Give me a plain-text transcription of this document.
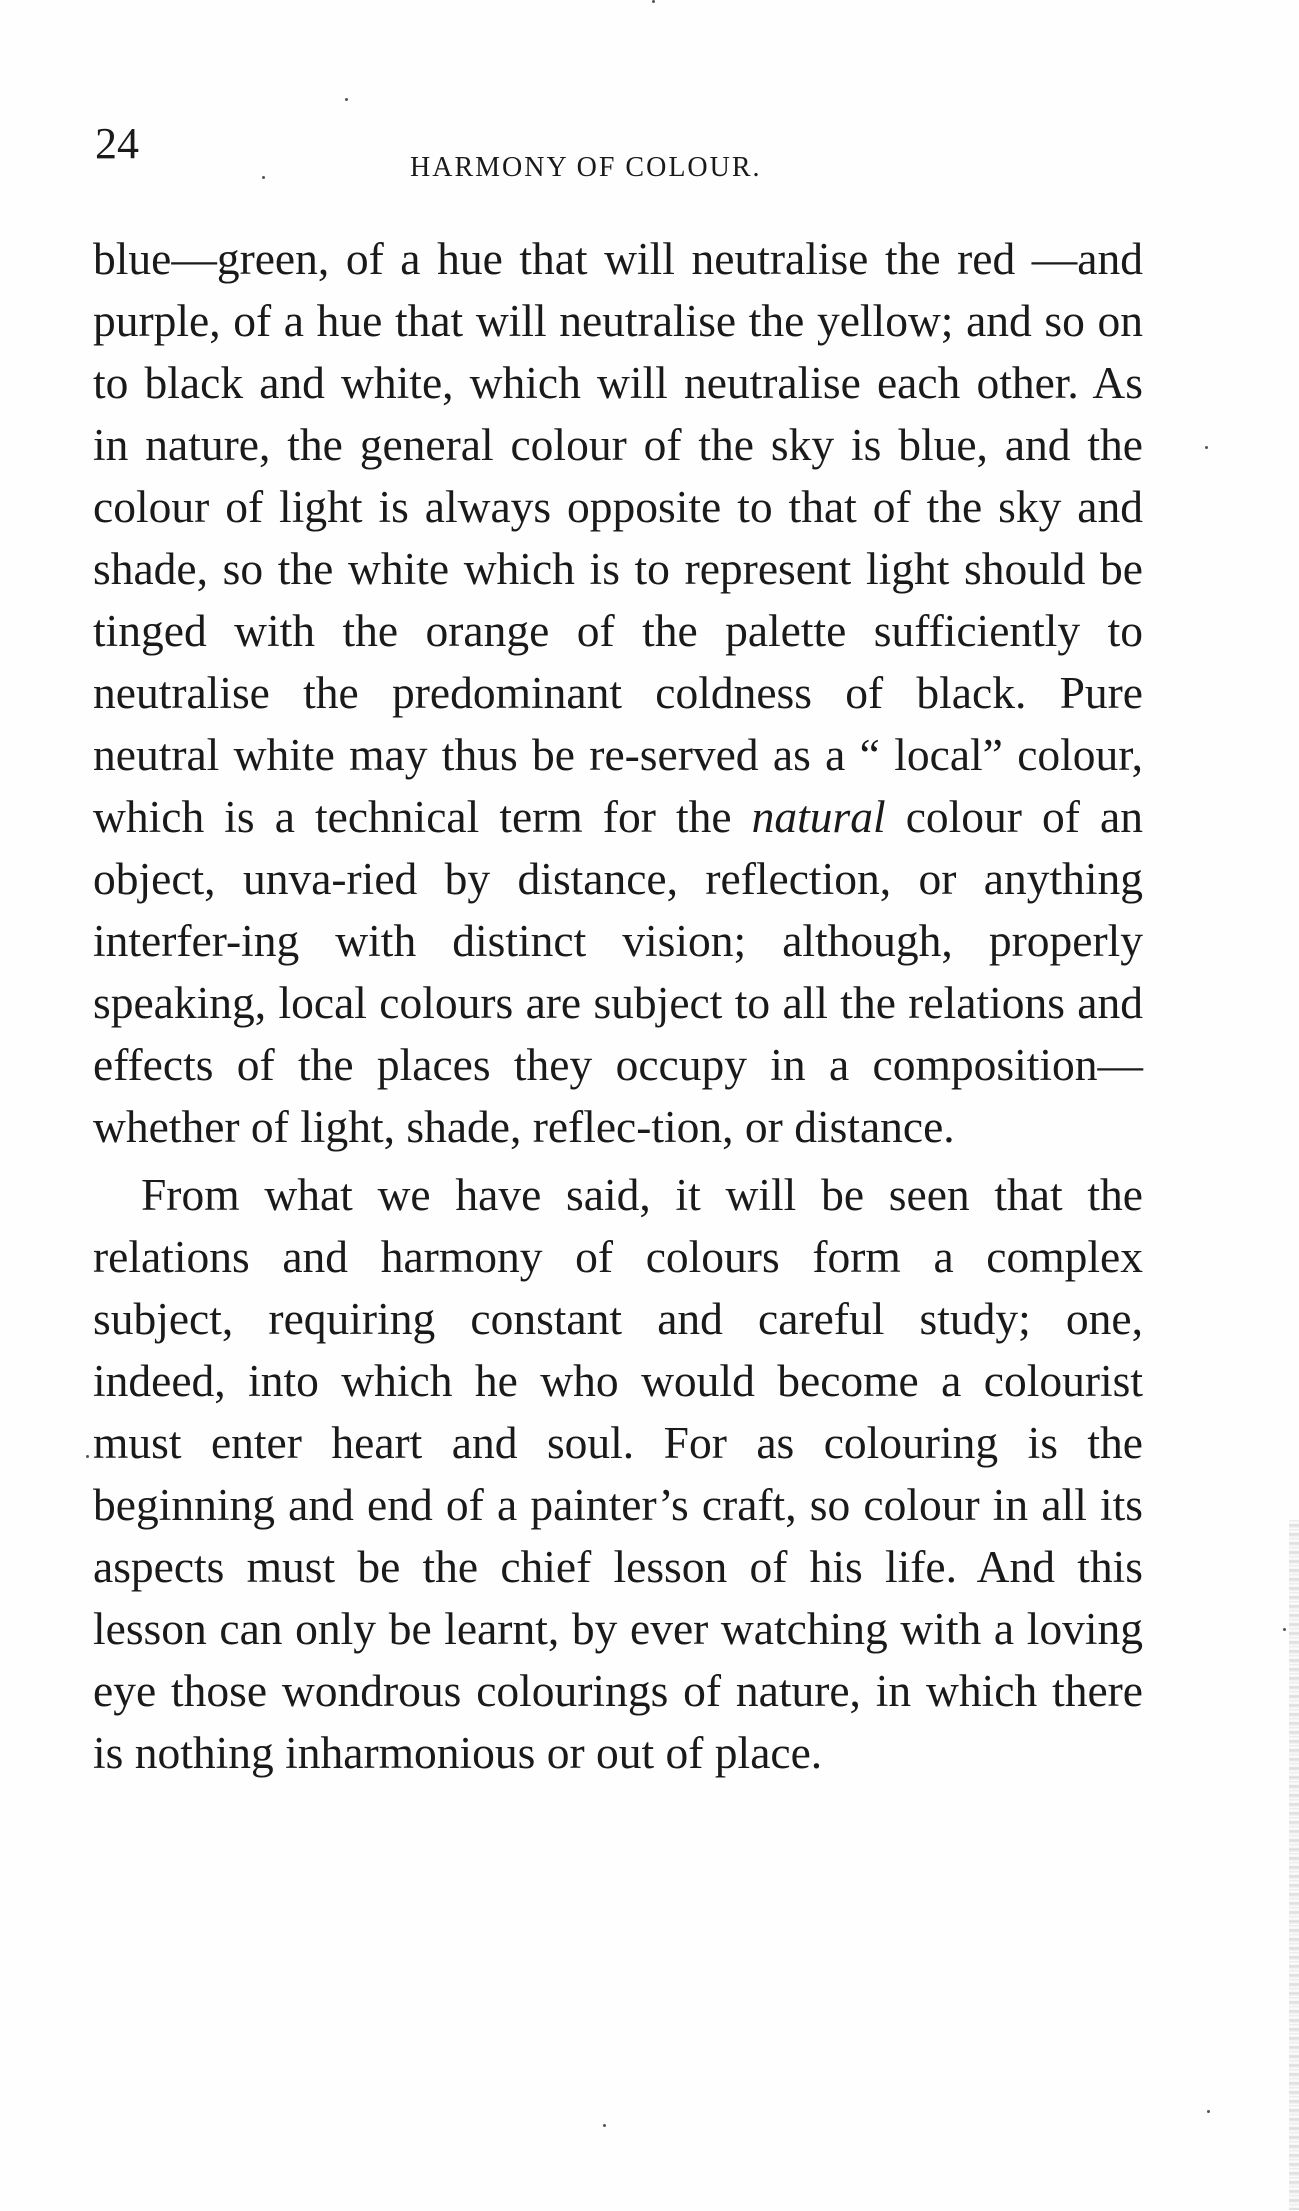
24	HARMONY OF COLOUR.

blue—green, of a hue that will neutralise the red —and purple, of a hue that will neutralise the yellow; and so on to black and white, which will neutralise each other. As in nature, the general colour of the sky is blue, and the colour of light is always opposite to that of the sky and shade, so the white which is to represent light should be tinged with the orange of the palette sufficiently to neutralise the predominant coldness of black. Pure neutral white may thus be re-served as a “ local” colour, which is a technical term for the natural colour of an object, unva-ried by distance, reflection, or anything interfer-ing with distinct vision; although, properly speaking, local colours are subject to all the relations and effects of the places they occupy in a composition—whether of light, shade, reflec-tion, or distance.

From what we have said, it will be seen that the relations and harmony of colours form a complex subject, requiring constant and careful study; one, indeed, into which he who would become a colourist must enter heart and soul. For as colouring is the beginning and end of a painter’s craft, so colour in all its aspects must be the chief lesson of his life. And this lesson can only be learnt, by ever watching with a loving eye those wondrous colourings of nature, in which there is nothing inharmonious or out of place.
